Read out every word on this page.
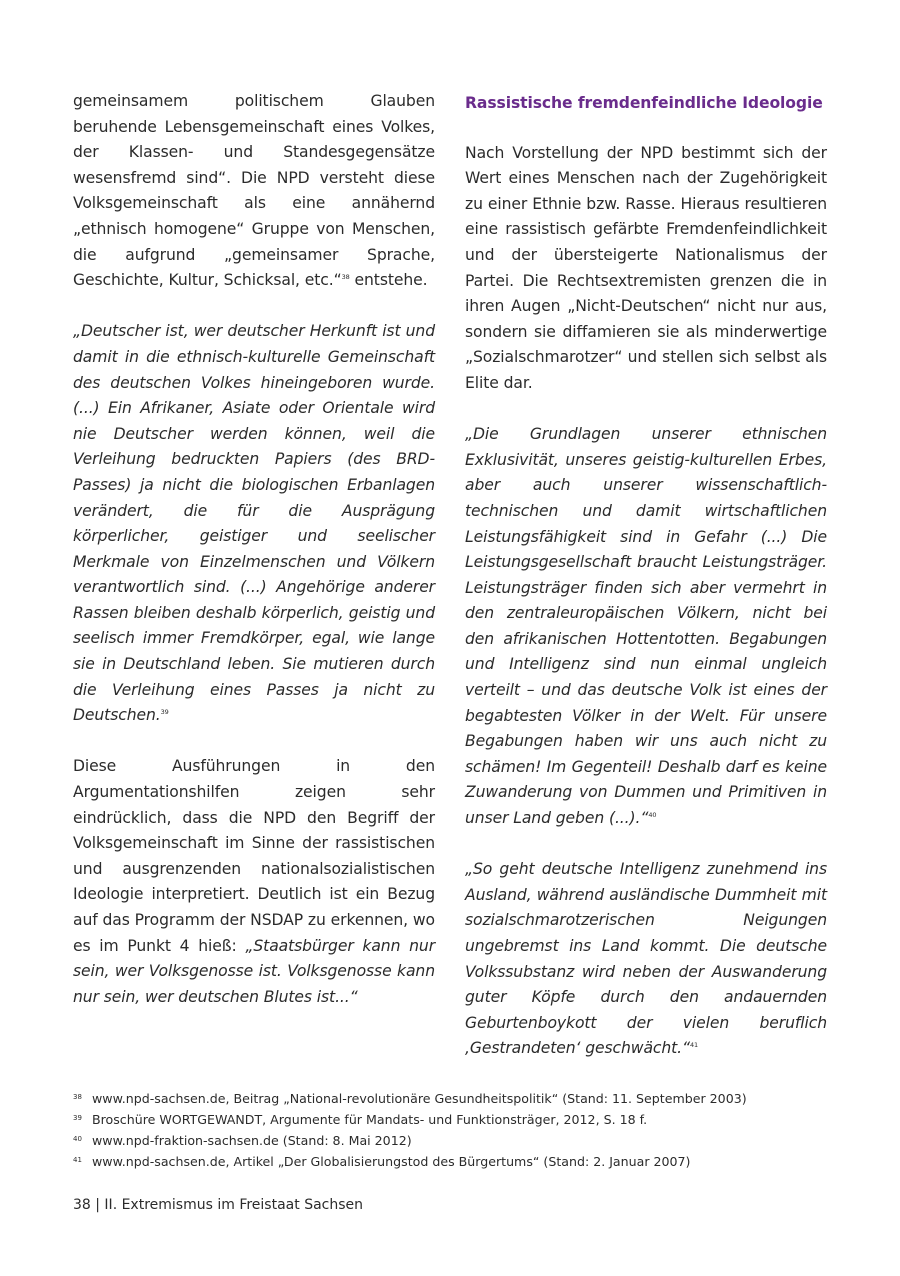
gemeinsamem politischem Glauben beruhende Lebensgemeinschaft eines Volkes, der Klassen- und Standesgegensätze wesensfremd sind“. Die NPD versteht diese Volksgemeinschaft als eine annähernd „ethnisch homogene“ Gruppe von Menschen, die aufgrund „gemeinsamer Sprache, Geschichte, Kultur, Schicksal, etc.“$^{38}$ entstehe.

„Deutscher ist, wer deutscher Herkunft ist und damit in die ethnisch-kulturelle Gemeinschaft des deutschen Volkes hineingeboren wurde. (...) Ein Afrikaner, Asiate oder Orientale wird nie Deutscher werden können, weil die Verleihung bedruckten Papiers (des BRD-Passes) ja nicht die biologischen Erbanlagen verändert, die für die Ausprägung körperlicher, geistiger und seelischer Merkmale von Einzelmenschen und Völkern verantwortlich sind. (...) Angehörige anderer Rassen bleiben deshalb körperlich, geistig und seelisch immer Fremdkörper, egal, wie lange sie in Deutschland leben. Sie mutieren durch die Verleihung eines Passes ja nicht zu Deutschen.$^{39}$

Diese Ausführungen in den Argumentationshilfen zeigen sehr eindrücklich, dass die NPD den Begriff der Volksgemeinschaft im Sinne der rassistischen und ausgrenzenden nationalsozialistischen Ideologie interpretiert. Deutlich ist ein Bezug auf das Programm der NSDAP zu erkennen, wo es im Punkt 4 hieß: „Staatsbürger kann nur sein, wer Volksgenosse ist. Volksgenosse kann nur sein, wer deutschen Blutes ist...“

Rassistische fremdenfeindliche Ideologie

Nach Vorstellung der NPD bestimmt sich der Wert eines Menschen nach der Zugehörigkeit zu einer Ethnie bzw. Rasse. Hieraus resultieren eine rassistisch gefärbte Fremdenfeindlichkeit und der übersteigerte Nationalismus der Partei. Die Rechtsextremisten grenzen die in ihren Augen „Nicht-Deutschen“ nicht nur aus, sondern sie diffamieren sie als minderwertige „Sozialschmarotzer“ und stellen sich selbst als Elite dar.

„Die Grundlagen unserer ethnischen Exklusivität, unseres geistig-kulturellen Erbes, aber auch unserer wissenschaftlich-technischen und damit wirtschaftlichen Leistungsfähigkeit sind in Gefahr (...) Die Leistungsgesellschaft braucht Leistungsträger. Leistungsträger finden sich aber vermehrt in den zentraleuropäischen Völkern, nicht bei den afrikanischen Hottentotten. Begabungen und Intelligenz sind nun einmal ungleich verteilt – und das deutsche Volk ist eines der begabtesten Völker in der Welt. Für unsere Begabungen haben wir uns auch nicht zu schämen! Im Gegenteil! Deshalb darf es keine Zuwanderung von Dummen und Primitiven in unser Land geben (...).“$^{40}$

„So geht deutsche Intelligenz zunehmend ins Ausland, während ausländische Dummheit mit sozialschmarotzerischen Neigungen ungebremst ins Land kommt. Die deutsche Volkssubstanz wird neben der Auswanderung guter Köpfe durch den andauernden Geburtenboykott der vielen beruflich ‚Gestrandeten‘ geschwächt.“$^{41}$

38 www.npd-sachsen.de, Beitrag „National-revolutionäre Gesundheitspolitik“ (Stand: 11. September 2003)
39 Broschüre WORTGEWANDT, Argumente für Mandats- und Funktionsträger, 2012, S. 18 f.
40 www.npd-fraktion-sachsen.de (Stand: 8. Mai 2012)
41 www.npd-sachsen.de, Artikel „Der Globalisierungstod des Bürgertums“ (Stand: 2. Januar 2007)
38 | II. Extremismus im Freistaat Sachsen
